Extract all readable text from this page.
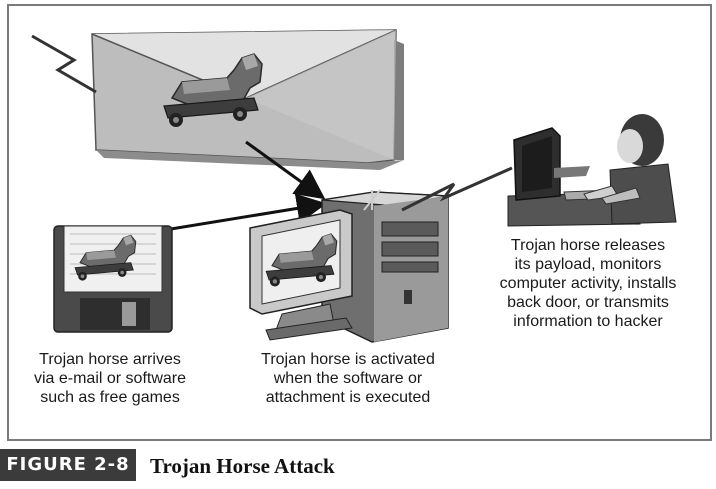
Trojan horse arrives
via e-mail or software
such as free games
Trojan horse is activated
when the software or
attachment is executed
Trojan horse releases
its payload, monitors
computer activity, installs
back door, or transmits
information to hacker
FIGURE 2-8 Trojan Horse Attack
